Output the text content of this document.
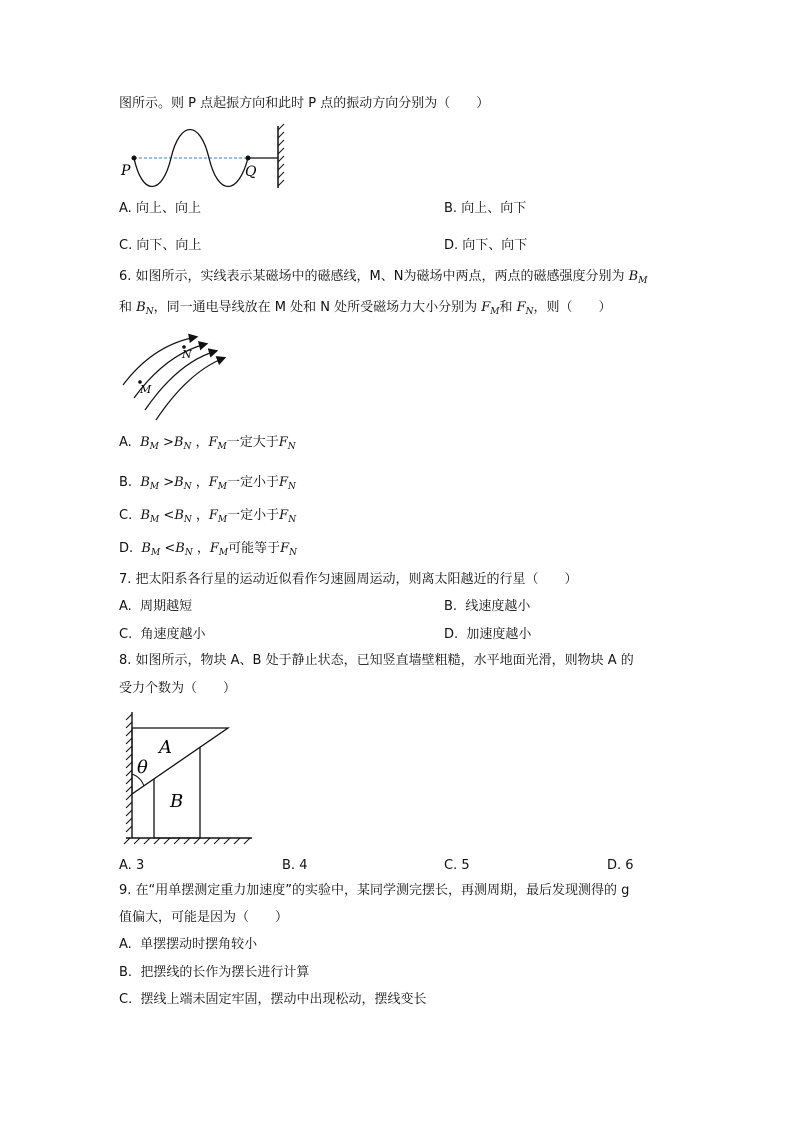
图所示。则 P 点起振方向和此时 P 点的振动方向分别为（　　）
P	Q
A. 向上、向上	B. 向上、向下
C. 向下、向上	D. 向下、向下
6. 如图所示，实线表示某磁场中的磁感线，M、N为磁场中两点，两点的磁感强度分别为 $B_M$
和 $B_N$，同一通电导线放在 M 处和 N 处所受磁场力大小分别为 $F_M$和 $F_N$，则（　　）
N
M
A. $B_M >B_N$ ，$F_M$一定大于$F_N$
B. $B_M >B_N$ ，$F_M$一定小于$F_N$
C. $B_M <B_N$ ，$F_M$一定小于$F_N$
D. $B_M <B_N$ ，$F_M$可能等于$F_N$
7. 把太阳系各行星的运动近似看作匀速圆周运动，则离太阳越近的行星（　　）
A. 周期越短	B. 线速度越小
C. 角速度越小	D. 加速度越小
8. 如图所示，物块 A、B 处于静止状态，已知竖直墙壁粗糙，水平地面光滑，则物块 A 的
受力个数为（　　）
A
θ
B
A. 3	B. 4	C. 5	D. 6
9. 在“用单摆测定重力加速度”的实验中，某同学测完摆长，再测周期，最后发现测得的 g
值偏大，可能是因为（　　）
A. 单摆摆动时摆角较小
B. 把摆线的长作为摆长进行计算
C. 摆线上端未固定牢固，摆动中出现松动，摆线变长
